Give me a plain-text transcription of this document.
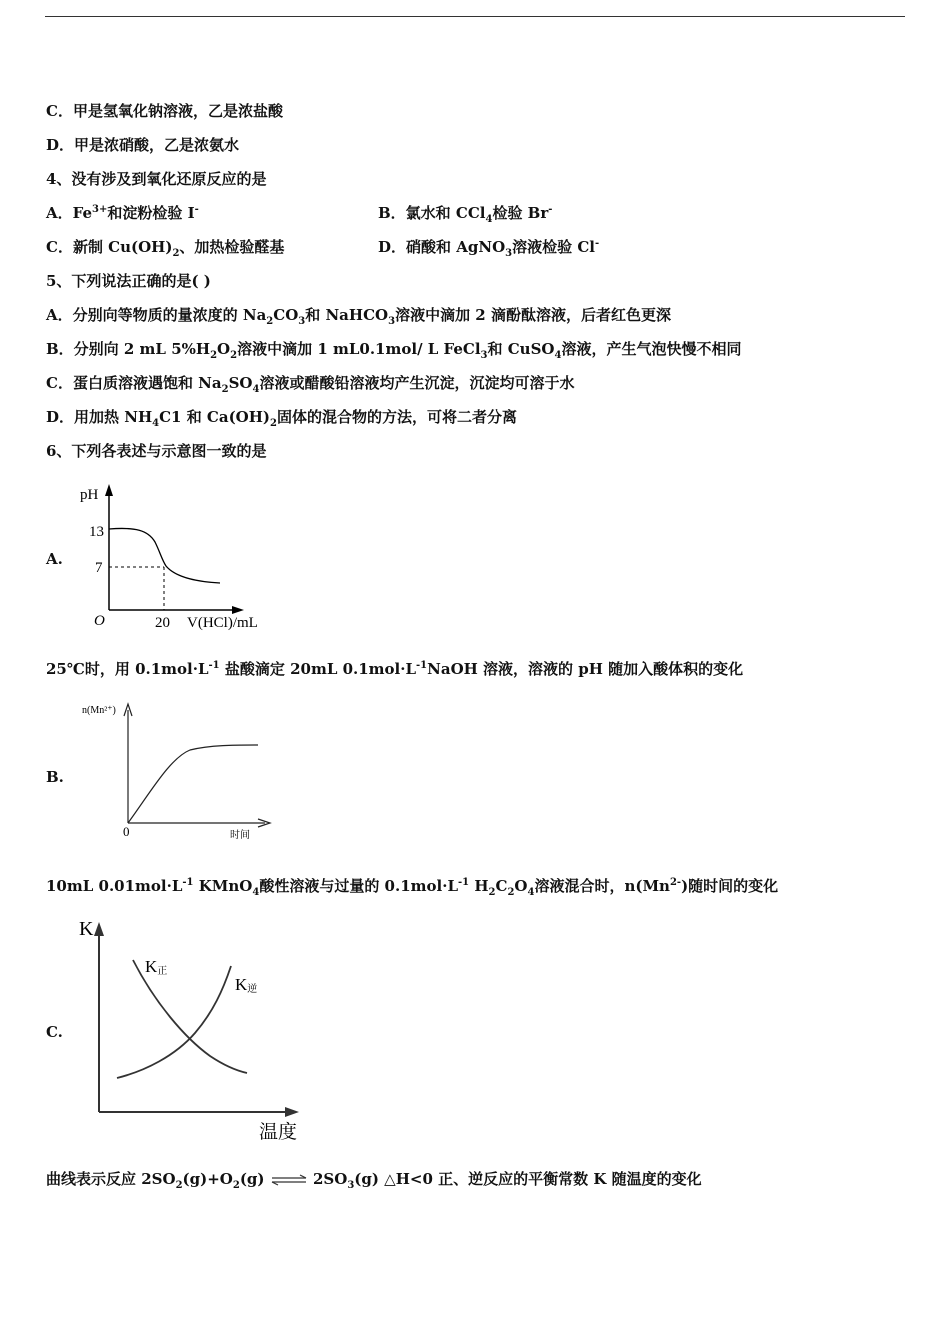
C．甲是氢氧化钠溶液，乙是浓盐酸
D．甲是浓硝酸，乙是浓氨水
4、没有涉及到氧化还原反应的是
A．$Fe^{3+}$和淀粉检验 I-	B．氯水和 CCl$_4$检验 Br-
C．新制 $Cu(OH)_2$、加热检验醛基	D．硝酸和 AgNO$_3$溶液检验 Cl-
5、下列说法正确的是( )
A．分别向等物质的量浓度的 $Na_2CO_3$和 NaHCO$_3$溶液中滴加 2 滴酚酞溶液，后者红色更深
B．分别向 2 mL $5\%H_2O_2$溶液中滴加 1 mL0.1mol/ L FeCl$_3$和 CuSO$_4$溶液，产生气泡快慢不相同
C．蛋白质溶液遇饱和 $Na_2SO_4$溶液或醋酸铅溶液均产生沉淀，沉淀均可溶于水
D．用加热 $NH_4C1$ 和 $Ca(OH)_2$固体的混合物的方法，可将二者分离
6、下列各表述与示意图一致的是
A.
pH
13
7
O	20 V(HCl)/mL
25℃时，用 $0.1mol\cdot L^{-1}$ 盐酸滴定 20mL $0.1mol\cdot L^{-1}NaOH$ 溶液，溶液的 pH 随加入酸体积的变化
B.
n(Mn²⁺)
0	时间
10mL $0.01mol\cdot L^{-1}$ KMnO$_4$酸性溶液与过量的 $0.1mol\cdot L^{-1}$ $H_2C_2O_4$溶液混合时，$n(Mn^{2-})$随时间的变化
C.
K
K正
K逆
温度
曲线表示反应 $2SO_2(g)+O_2(g)$ ⇌ $2SO_3(g)$ △H<0 正、逆反应的平衡常数 K 随温度的变化
